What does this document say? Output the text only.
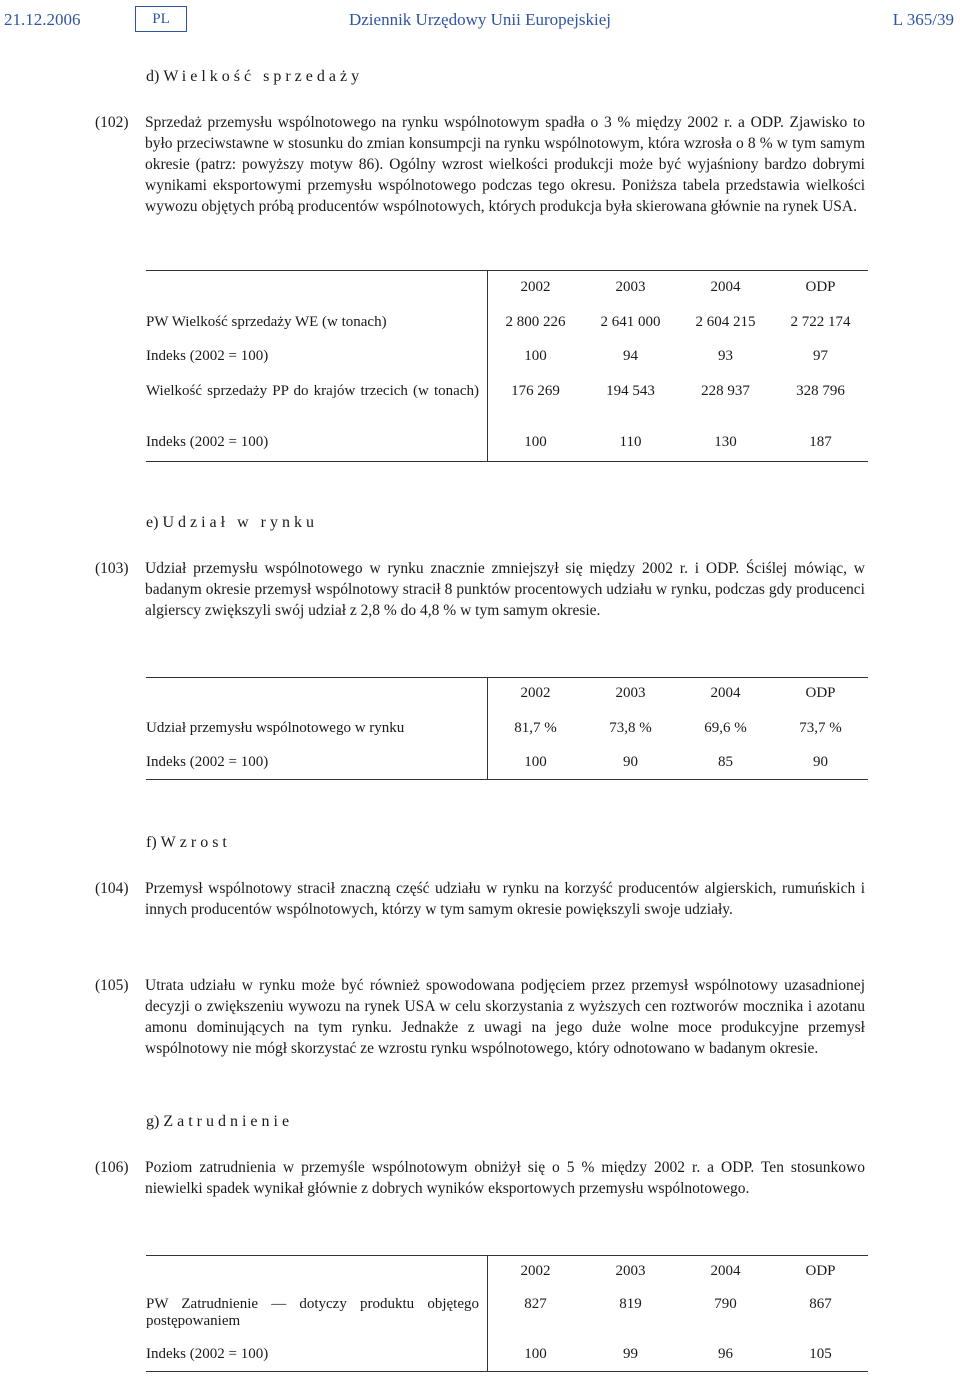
21.12.2006	PL	Dziennik Urzędowy Unii Europejskiej	L 365/39
d) Wielkość sprzedaży
(102) Sprzedaż przemysłu wspólnotowego na rynku wspólnotowym spadła o 3 % między 2002 r. a ODP. Zjawisko to było przeciwstawne w stosunku do zmian konsumpcji na rynku wspólnotowym, która wzrosła o 8 % w tym samym okresie (patrz: powyższy motyw 86). Ogólny wzrost wielkości produkcji może być wyjaśniony bardzo dobrymi wynikami eksportowymi przemysłu wspólnotowego podczas tego okresu. Poniższa tabela przedstawia wielkości wywozu objętych próbą producentów wspólnotowych, których produkcja była skierowana głównie na rynek USA.
	2002	2003	2004	ODP
PW Wielkość sprzedaży WE (w tonach)	2 800 226	2 641 000	2 604 215	2 722 174
Indeks (2002 = 100)	100	94	93	97
Wielkość sprzedaży PP do krajów trzecich (w tonach)	176 269	194 543	228 937	328 796
Indeks (2002 = 100)	100	110	130	187
e) Udział w rynku
(103) Udział przemysłu wspólnotowego w rynku znacznie zmniejszył się między 2002 r. i ODP. Ściślej mówiąc, w badanym okresie przemysł wspólnotowy stracił 8 punktów procentowych udziału w rynku, podczas gdy producenci algierscy zwiększyli swój udział z 2,8 % do 4,8 % w tym samym okresie.
	2002	2003	2004	ODP
Udział przemysłu wspólnotowego w rynku	81,7 %	73,8 %	69,6 %	73,7 %
Indeks (2002 = 100)	100	90	85	90
f) Wzrost
(104) Przemysł wspólnotowy stracił znaczną część udziału w rynku na korzyść producentów algierskich, rumuńskich i innych producentów wspólnotowych, którzy w tym samym okresie powiększyli swoje udziały.
(105) Utrata udziału w rynku może być również spowodowana podjęciem przez przemysł wspólnotowy uzasadnionej decyzji o zwiększeniu wywozu na rynek USA w celu skorzystania z wyższych cen roztworów mocznika i azotanu amonu dominujących na tym rynku. Jednakże z uwagi na jego duże wolne moce produkcyjne przemysł wspólnotowy nie mógł skorzystać ze wzrostu rynku wspólnotowego, który odnotowano w badanym okresie.
g) Zatrudnienie
(106) Poziom zatrudnienia w przemyśle wspólnotowym obniżył się o 5 % między 2002 r. a ODP. Ten stosunkowo niewielki spadek wynikał głównie z dobrych wyników eksportowych przemysłu wspólnotowego.
	2002	2003	2004	ODP
PW Zatrudnienie — dotyczy produktu objętego postępowaniem	827	819	790	867
Indeks (2002 = 100)	100	99	96	105
